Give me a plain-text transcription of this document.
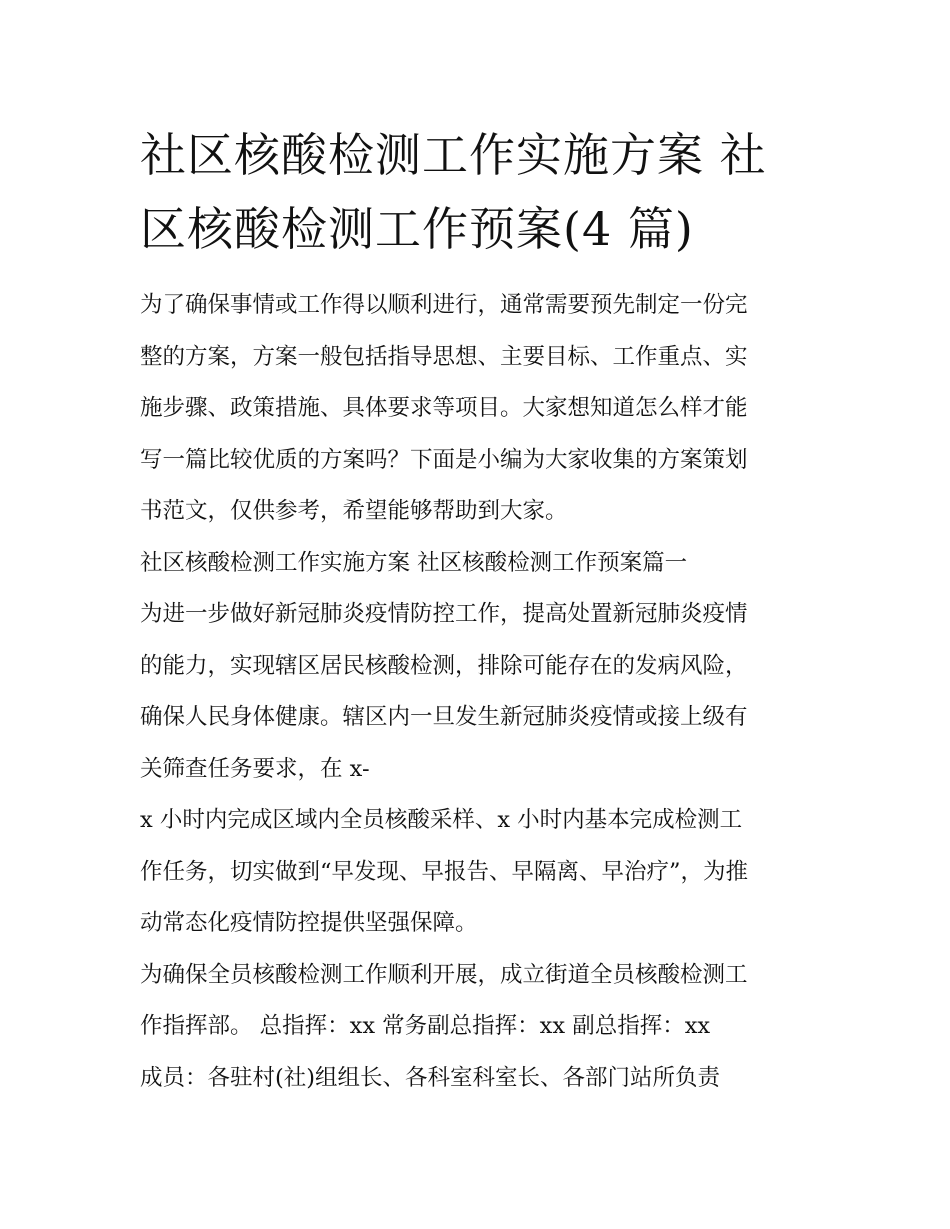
社区核酸检测工作实施方案 社
区核酸检测工作预案(4 篇)

为了确保事情或工作得以顺利进行，通常需要预先制定一份完

整的方案，方案一般包括指导思想、主要目标、工作重点、实

施步骤、政策措施、具体要求等项目。大家想知道怎么样才能

写一篇比较优质的方案吗？下面是小编为大家收集的方案策划

书范文，仅供参考，希望能够帮助到大家。

社区核酸检测工作实施方案 社区核酸检测工作预案篇一

为进一步做好新冠肺炎疫情防控工作，提高处置新冠肺炎疫情

的能力，实现辖区居民核酸检测，排除可能存在的发病风险，

确保人民身体健康。辖区内一旦发生新冠肺炎疫情或接上级有

关筛查任务要求，在 x-

x 小时内完成区域内全员核酸采样、x 小时内基本完成检测工

作任务，切实做到“早发现、早报告、早隔离、早治疗”，为推

动常态化疫情防控提供坚强保障。

为确保全员核酸检测工作顺利开展，成立街道全员核酸检测工

作指挥部。 总指挥：xx 常务副总指挥：xx 副总指挥：xx

成员：各驻村(社)组组长、各科室科室长、各部门站所负责
